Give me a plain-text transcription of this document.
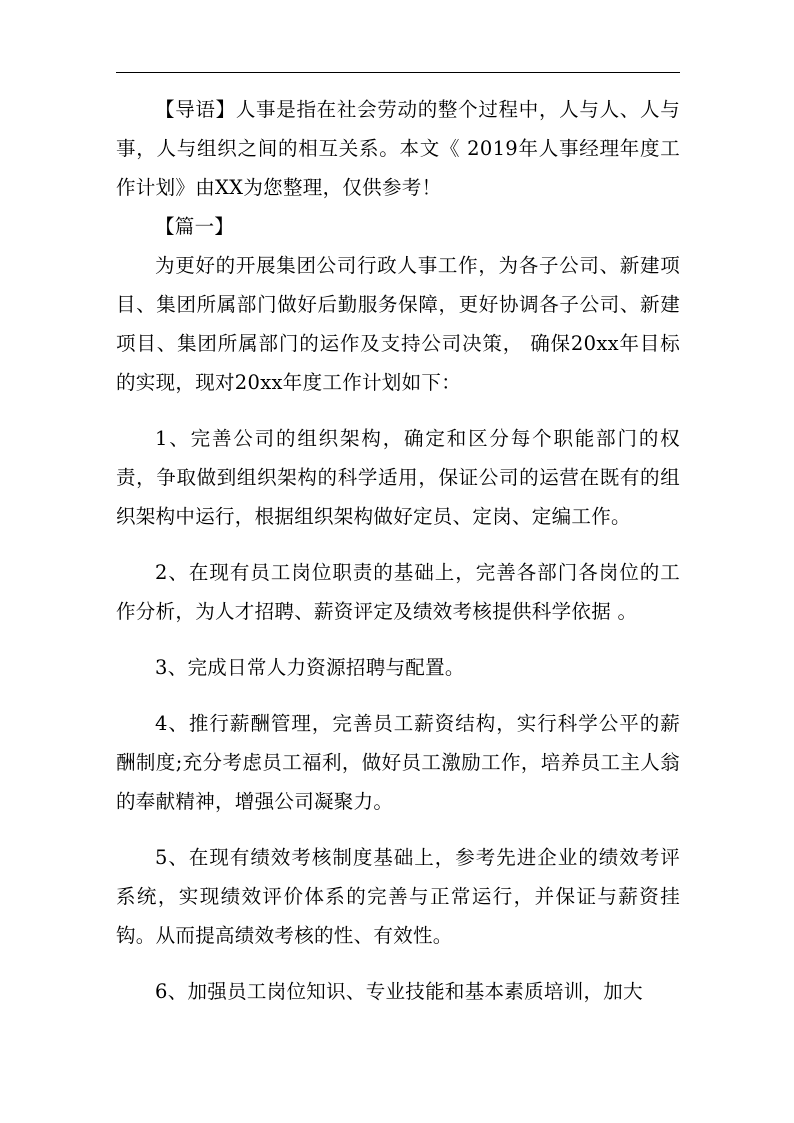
【导语】人事是指在社会劳动的整个过程中，人与人、人与事，人与组织之间的相互关系。本文《 2019年人事经理年度工作计划》由XX为您整理，仅供参考！

【篇一】

为更好的开展集团公司行政人事工作，为各子公司、新建项目、集团所属部门做好后勤服务保障，更好协调各子公司、新建项目、集团所属部门的运作及支持公司决策， 确保20xx年目标的实现，现对20xx年度工作计划如下：

1、完善公司的组织架构，确定和区分每个职能部门的权责，争取做到组织架构的科学适用，保证公司的运营在既有的组织架构中运行，根据组织架构做好定员、定岗、定编工作。

2、在现有员工岗位职责的基础上，完善各部门各岗位的工作分析，为人才招聘、薪资评定及绩效考核提供科学依据 。

3、完成日常人力资源招聘与配置。

4、推行薪酬管理，完善员工薪资结构，实行科学公平的薪酬制度;充分考虑员工福利，做好员工激励工作，培养员工主人翁的奉献精神，增强公司凝聚力。

5、在现有绩效考核制度基础上，参考先进企业的绩效考评系统，实现绩效评价体系的完善与正常运行，并保证与薪资挂钩。从而提高绩效考核的性、有效性。

6、加强员工岗位知识、专业技能和基本素质培训，加大
